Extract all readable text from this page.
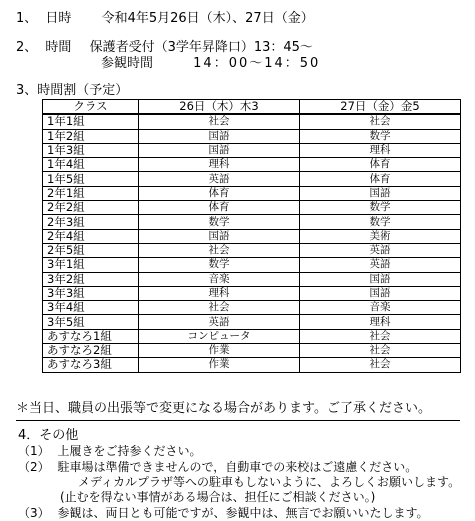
1、 日時 令和4年5月26日（木）、27日（金）
2、 時間 保護者受付（3学年昇降口）13：45～
参観時間	14：00～14：50
3、時間割（予定）
クラス	26日（木）木3	27日（金）金5
1年1組	社会	社会
1年2組	国語	数学
1年3組	国語	理科
1年4組	理科	体育
1年5組	英語	体育
2年1組	体育	国語
2年2組	体育	数学
2年3組	数学	数学
2年4組	国語	美術
2年5組	社会	英語
3年1組	数学	英語
3年2組	音楽	国語
3年3組	理科	国語
3年4組	社会	音楽
3年5組	英語	理科
あすなろ1組	コンピュータ	社会
あすなろ2組	作業	社会
あすなろ3組	作業	社会
＊当日、職員の出張等で変更になる場合があります。ご了承ください。
4．その他
（1） 上履きをご持参ください。
（2） 駐車場は準備できませんので，自動車での来校はご遠慮ください。
メディカルプラザ等への駐車もしないように、よろしくお願いします。
(止むを得ない事情がある場合は、担任にご相談ください。)
（3） 参観は、両日とも可能ですが、参観中は、無言でお願いいたします。
